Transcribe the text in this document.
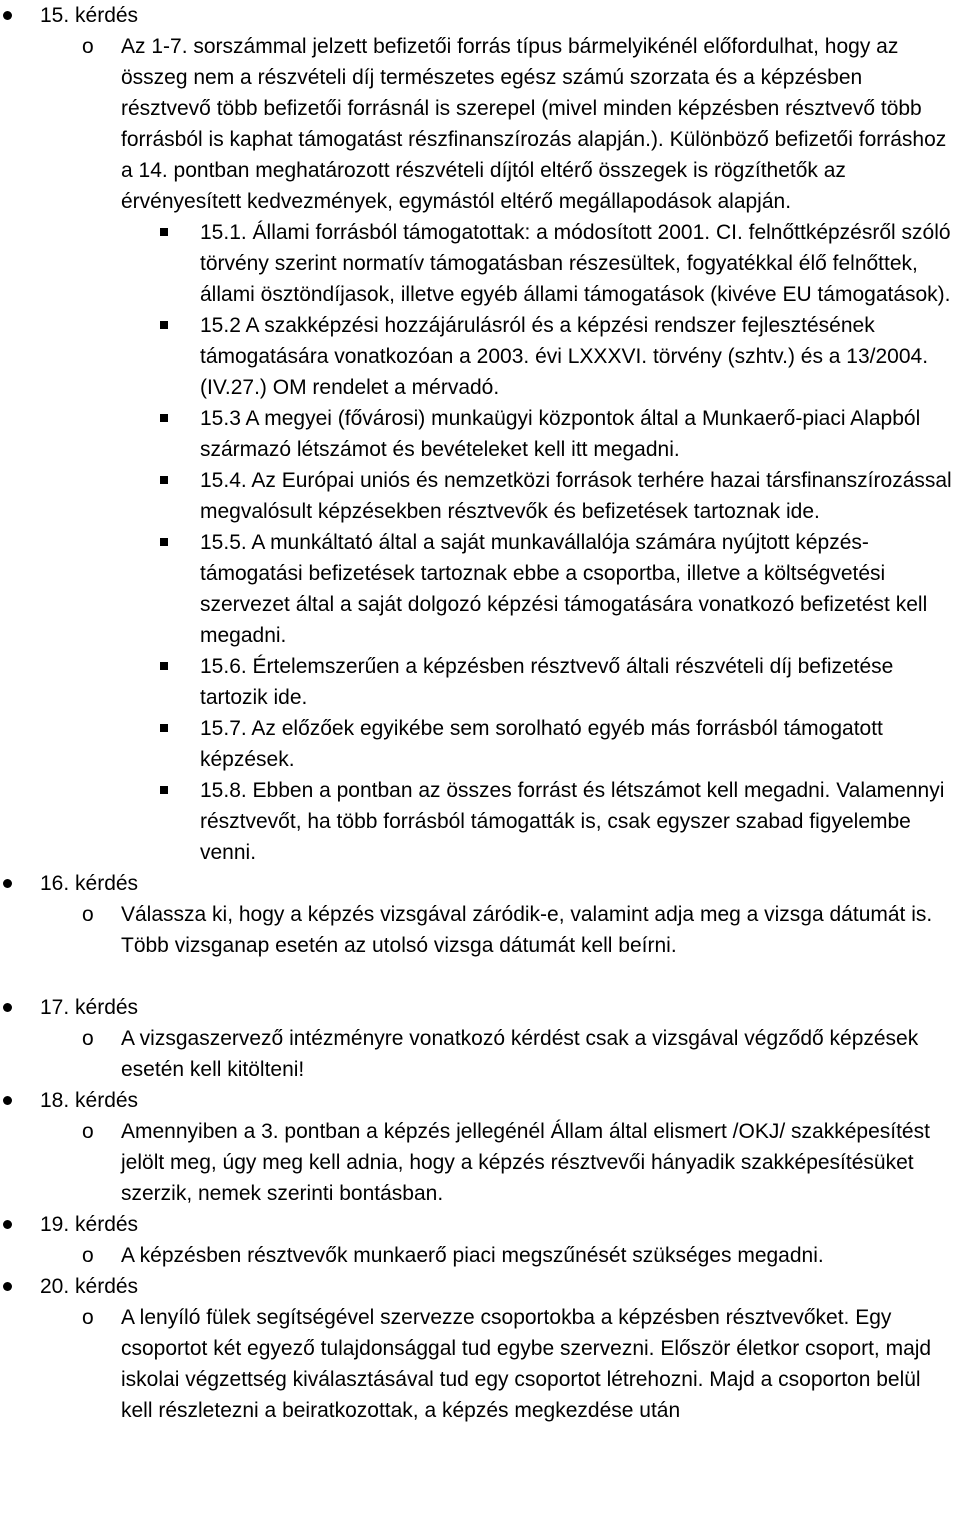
15. kérdés
o Az 1-7. sorszámmal jelzett befizetői forrás típus bármelyikénél előfordulhat, hogy az összeg nem a részvételi díj természetes egész számú szorzata és a képzésben résztvevő több befizetői forrásnál is szerepel (mivel minden képzésben résztvevő több forrásból is kaphat támogatást részfinanszírozás alapján.). Különböző befizetői forráshoz a 14. pontban meghatározott részvételi díjtól eltérő összegek is rögzíthetők az érvényesített kedvezmények, egymástól eltérő megállapodások alapján.
15.1. Állami forrásból támogatottak: a módosított 2001. CI. felnőttképzésről szóló törvény szerint normatív támogatásban részesültek, fogyatékkal élő felnőttek, állami ösztöndíjasok, illetve egyéb állami támogatások (kivéve EU támogatások).
15.2 A szakképzési hozzájárulásról és a képzési rendszer fejlesztésének támogatására vonatkozóan a 2003. évi LXXXVI. törvény (szhtv.) és a 13/2004. (IV.27.) OM rendelet a mérvadó.
15.3 A megyei (fővárosi) munkaügyi központok által a Munkaerő-piaci Alapból származó létszámot és bevételeket kell itt megadni.
15.4. Az Európai uniós és nemzetközi források terhére hazai társfinanszírozással megvalósult képzésekben résztvevők és befizetések tartoznak ide.
15.5. A munkáltató által a saját munkavállalója számára nyújtott képzés-támogatási befizetések tartoznak ebbe a csoportba, illetve a költségvetési szervezet által a saját dolgozó képzési támogatására vonatkozó befizetést kell megadni.
15.6. Értelemszerűen a képzésben résztvevő általi részvételi díj befizetése tartozik ide.
15.7. Az előzőek egyikébe sem sorolható egyéb más forrásból támogatott képzések.
15.8. Ebben a pontban az összes forrást és létszámot kell megadni. Valamennyi résztvevőt, ha több forrásból támogatták is, csak egyszer szabad figyelembe venni.
16. kérdés
o Válassza ki, hogy a képzés vizsgával záródik-e, valamint adja meg a vizsga dátumát is. Több vizsganap esetén az utolsó vizsga dátumát kell beírni.
17. kérdés
o A vizsgaszervező intézményre vonatkozó kérdést csak a vizsgával végződő képzések esetén kell kitölteni!
18. kérdés
o Amennyiben a 3. pontban a képzés jellegénél Állam által elismert /OKJ/ szakképesítést jelölt meg, úgy meg kell adnia, hogy a képzés résztvevői hányadik szakképesítésüket szerzik, nemek szerinti bontásban.
19. kérdés
o A képzésben résztvevők munkaerő piaci megszűnését szükséges megadni.
20. kérdés
o A lenyíló fülek segítségével szervezze csoportokba a képzésben résztvevőket. Egy csoportot két egyező tulajdonsággal tud egybe szervezni. Először életkor csoport, majd iskolai végzettség kiválasztásával tud egy csoportot létrehozni. Majd a csoporton belül kell részletezni a beiratkozottak, a képzés megkezdése után
